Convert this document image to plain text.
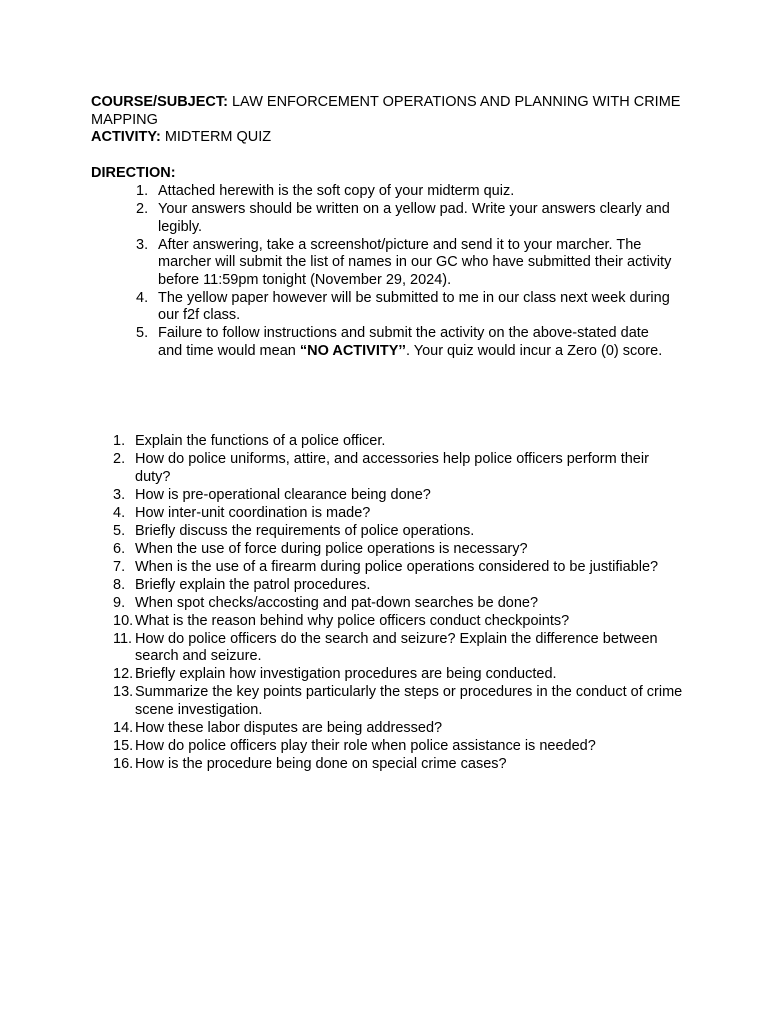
COURSE/SUBJECT: LAW ENFORCEMENT OPERATIONS AND PLANNING WITH CRIME MAPPING

ACTIVITY: MIDTERM QUIZ

DIRECTION:

1. Attached herewith is the soft copy of your midterm quiz.
2. Your answers should be written on a yellow pad. Write your answers clearly and legibly.
3. After answering, take a screenshot/picture and send it to your marcher. The marcher will submit the list of names in our GC who have submitted their activity before 11:59pm tonight (November 29, 2024).
4. The yellow paper however will be submitted to me in our class next week during our f2f class.
5. Failure to follow instructions and submit the activity on the above-stated date and time would mean “NO ACTIVITY’’. Your quiz would incur a Zero (0) score.
1. Explain the functions of a police officer.
2. How do police uniforms, attire, and accessories help police officers perform their duty?
3. How is pre-operational clearance being done?
4. How inter-unit coordination is made?
5. Briefly discuss the requirements of police operations.
6. When the use of force during police operations is necessary?
7. When is the use of a firearm during police operations considered to be justifiable?
8. Briefly explain the patrol procedures.
9. When spot checks/accosting and pat-down searches be done?
10. What is the reason behind why police officers conduct checkpoints?
11. How do police officers do the search and seizure? Explain the difference between search and seizure.
12. Briefly explain how investigation procedures are being conducted.
13. Summarize the key points particularly the steps or procedures in the conduct of crime scene investigation.
14. How these labor disputes are being addressed?
15. How do police officers play their role when police assistance is needed?
16. How is the procedure being done on special crime cases?
